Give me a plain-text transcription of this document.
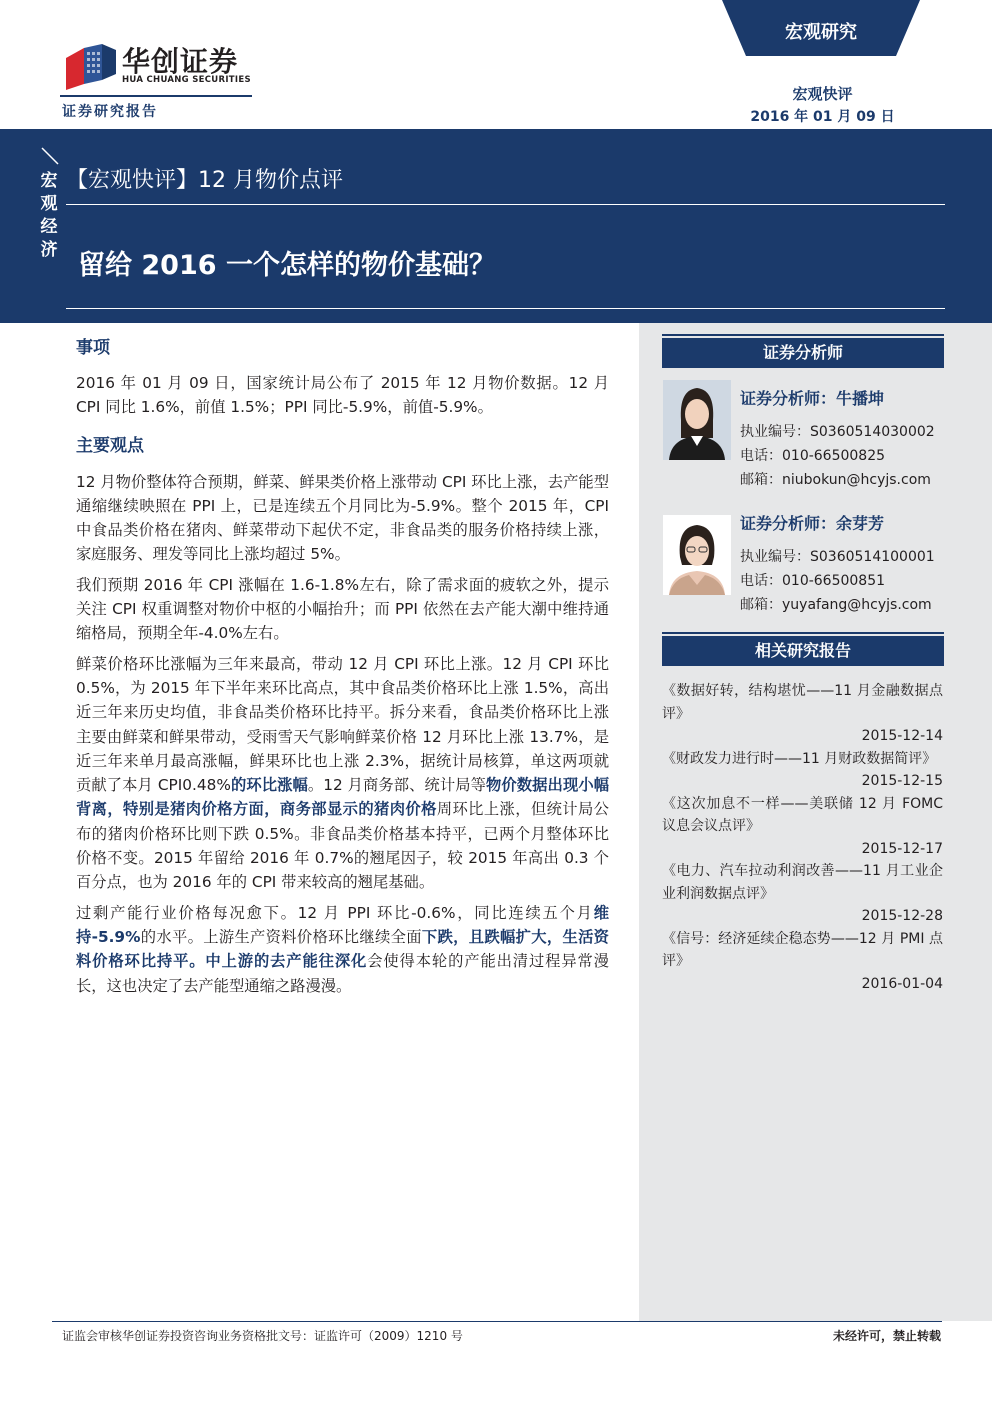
华创证券
HUA CHUANG SECURITIES
证券研究报告
宏观研究
宏观快评
2016 年 01 月 09 日
宏观经济
【宏观快评】12 月物价点评
留给 2016 一个怎样的物价基础？
事项

2016 年 01 月 09 日，国家统计局公布了 2015 年 12 月物价数据。12 月 CPI 同比 1.6%，前值 1.5%；PPI 同比-5.9%，前值-5.9%。

主要观点

12 月物价整体符合预期，鲜菜、鲜果类价格上涨带动 CPI 环比上涨，去产能型通缩继续映照在 PPI 上，已是连续五个月同比为-5.9%。整个 2015 年，CPI 中食品类价格在猪肉、鲜菜带动下起伏不定，非食品类的服务价格持续上涨，家庭服务、理发等同比上涨均超过 5%。

我们预期 2016 年 CPI 涨幅在 1.6-1.8%左右，除了需求面的疲软之外，提示关注 CPI 权重调整对物价中枢的小幅抬升；而 PPI 依然在去产能大潮中维持通缩格局，预期全年-4.0%左右。

鲜菜价格环比涨幅为三年来最高，带动 12 月 CPI 环比上涨。12 月 CPI 环比 0.5%，为 2015 年下半年来环比高点，其中食品类价格环比上涨 1.5%，高出近三年来历史均值，非食品类价格环比持平。拆分来看，食品类价格环比上涨主要由鲜菜和鲜果带动，受雨雪天气影响鲜菜价格 12 月环比上涨 13.7%，是近三年来单月最高涨幅，鲜果环比也上涨 2.3%，据统计局核算，单这两项就贡献了本月 CPI0.48%的环比涨幅。12 月商务部、统计局等物价数据出现小幅背离，特别是猪肉价格方面，商务部显示的猪肉价格周环比上涨，但统计局公布的猪肉价格环比则下跌 0.5%。非食品类价格基本持平，已两个月整体环比价格不变。2015 年留给 2016 年 0.7%的翘尾因子，较 2015 年高出 0.3 个百分点，也为 2016 年的 CPI 带来较高的翘尾基础。

过剩产能行业价格每况愈下。12 月 PPI 环比-0.6%，同比连续五个月维持-5.9%的水平。上游生产资料价格环比继续全面下跌，且跌幅扩大，生活资料价格环比持平。中上游的去产能往深化会使得本轮的产能出清过程异常漫长，这也决定了去产能型通缩之路漫漫。

证券分析师
证券分析师：牛播坤
执业编号：S0360514030002
电话：010-66500825
邮箱：niubokun@hcyjs.com
证券分析师：余芽芳
执业编号：S0360514100001
电话：010-66500851
邮箱：yuyafang@hcyjs.com
相关研究报告

《数据好转，结构堪忧——11 月金融数据点评》

2015-12-14

《财政发力进行时——11 月财政数据简评》

2015-12-15

《这次加息不一样——美联储 12 月 FOMC 议息会议点评》

2015-12-17

《电力、汽车拉动利润改善——11 月工业企业利润数据点评》

2015-12-28

《信号：经济延续企稳态势——12 月 PMI 点评》

2016-01-04

证监会审核华创证券投资咨询业务资格批文号：证监许可（2009）1210 号	未经许可，禁止转载
